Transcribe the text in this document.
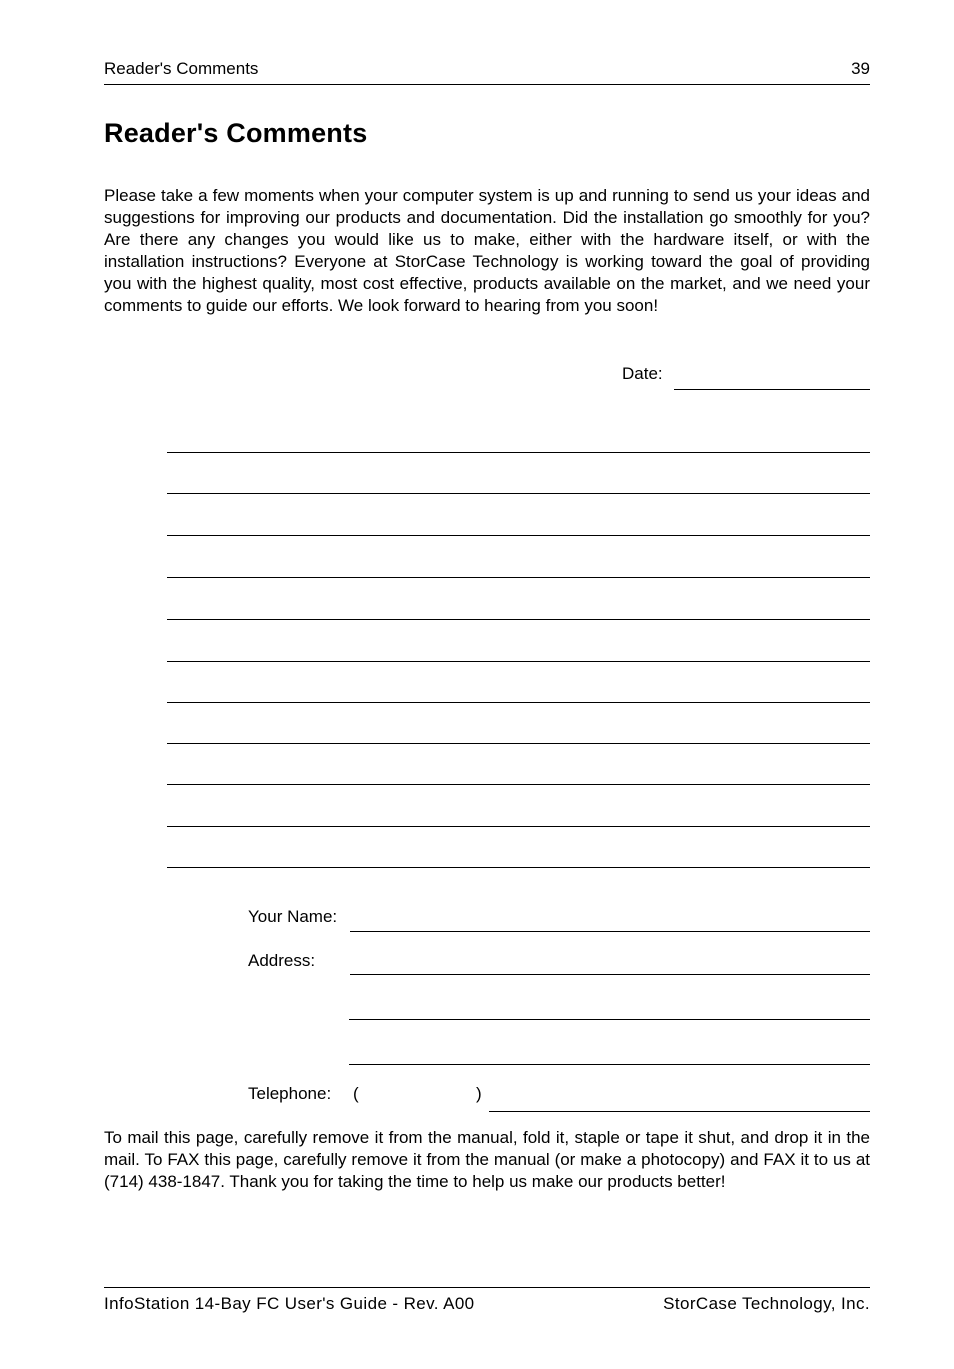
Reader's Comments	39
Reader's Comments

Please take a few moments when your computer system is up and running to send us your ideas and suggestions for improving our products and documentation. Did the installation go smoothly for you? Are there any changes you would like us to make, either with the hardware itself, or with the installation instructions? Everyone at StorCase Technology is working toward the goal of providing you with the highest quality, most cost effective, products available on the market, and we need your comments to guide our efforts. We look forward to hearing from you soon!

Date:
Your Name:
Address:
Telephone: (	)

To mail this page, carefully remove it from the manual, fold it, staple or tape it shut, and drop it in the mail. To FAX this page, carefully remove it from the manual (or make a photocopy) and FAX it to us at (714) 438-1847. Thank you for taking the time to help us make our products better!

InfoStation 14-Bay FC User's Guide - Rev. A00	StorCase Technology, Inc.
